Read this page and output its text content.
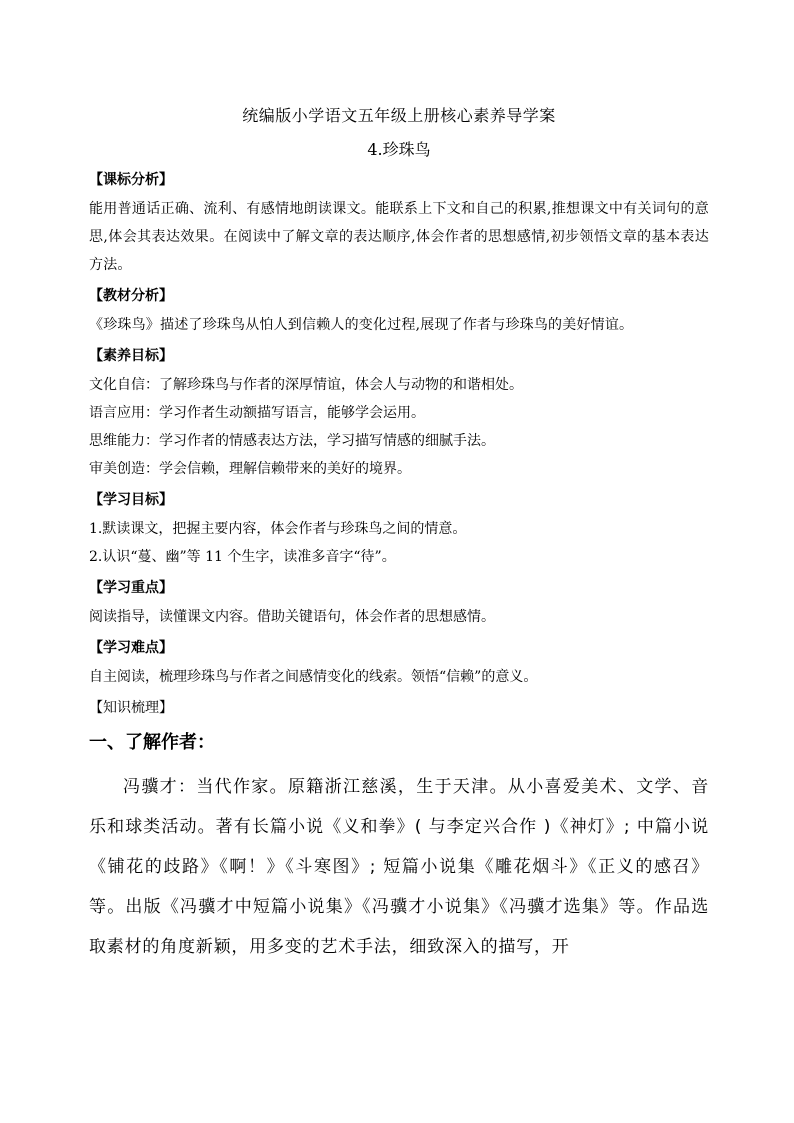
统编版小学语文五年级上册核心素养导学案
4.珍珠鸟
【课标分析】

能用普通话正确、流利、有感情地朗读课文。能联系上下文和自己的积累,推想课文中有关词句的意思,体会其表达效果。在阅读中了解文章的表达顺序,体会作者的思想感情,初步领悟文章的基本表达方法。

【教材分析】

《珍珠鸟》描述了珍珠鸟从怕人到信赖人的变化过程,展现了作者与珍珠鸟的美好情谊。

【素养目标】

文化自信：了解珍珠鸟与作者的深厚情谊，体会人与动物的和谐相处。

语言应用：学习作者生动额描写语言，能够学会运用。

思维能力：学习作者的情感表达方法，学习描写情感的细腻手法。

审美创造：学会信赖，理解信赖带来的美好的境界。

【学习目标】

1.默读课文，把握主要内容，体会作者与珍珠鸟之间的情意。

2.认识“蔓、幽”等 11 个生字，读准多音字“待”。

【学习重点】

阅读指导，读懂课文内容。借助关键语句，体会作者的思想感情。

【学习难点】

自主阅读，梳理珍珠鸟与作者之间感情变化的线索。领悟“信赖”的意义。

【知识梳理】
一、了解作者：

冯骥才：当代作家。原籍浙江慈溪，生于天津。从小喜爱美术、文学、音乐和球类活动。著有长篇小说《义和拳》( 与李定兴合作 )《神灯》; 中篇小说《铺花的歧路》《啊！》《斗寒图》; 短篇小说集《雕花烟斗》《正义的感召》等。出版《冯骥才中短篇小说集》《冯骥才小说集》《冯骥才选集》等。作品选取素材的角度新颖，用多变的艺术手法，细致深入的描写，开
